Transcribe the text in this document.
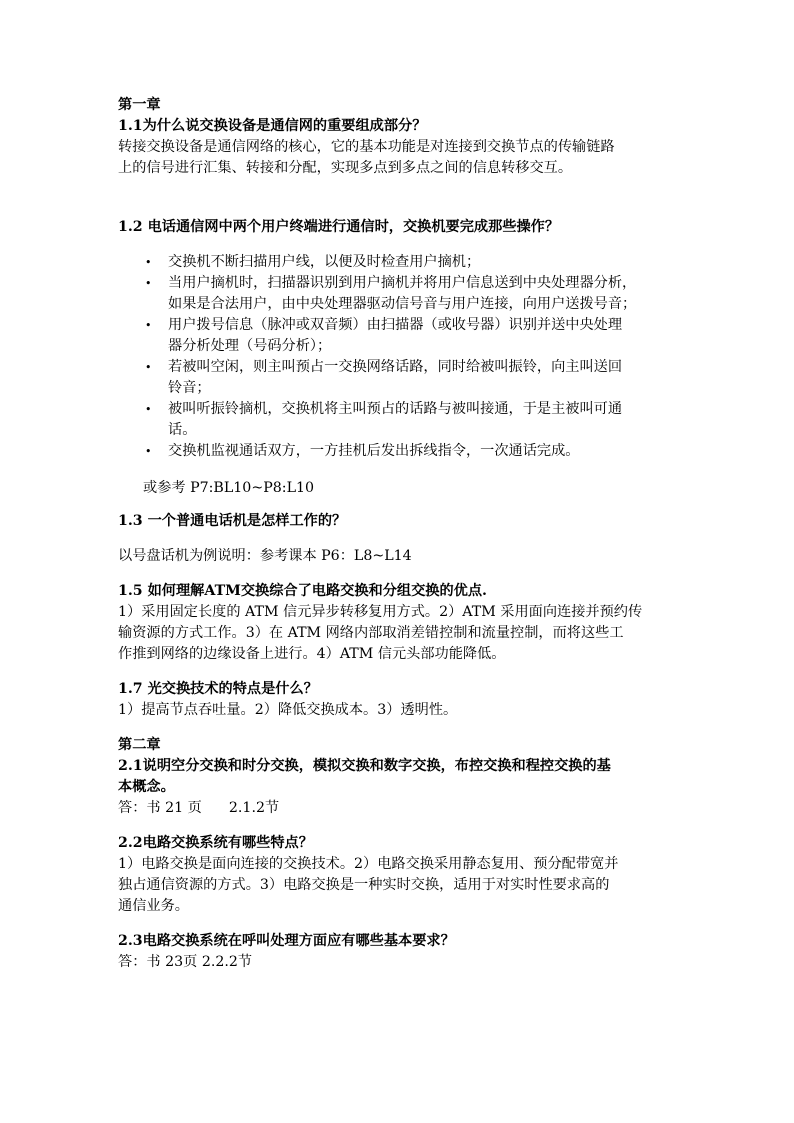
第一章

1.1为什么说交换设备是通信网的重要组成部分？

转接交换设备是通信网络的核心，它的基本功能是对连接到交换节点的传输链路

上的信号进行汇集、转接和分配，实现多点到多点之间的信息转移交互。

1.2 电话通信网中两个用户终端进行通信时，交换机要完成那些操作？

• 交换机不断扫描用户线，以便及时检查用户摘机；
• 当用户摘机时，扫描器识别到用户摘机并将用户信息送到中央处理器分析，
如果是合法用户，由中央处理器驱动信号音与用户连接，向用户送拨号音；
• 用户拨号信息（脉冲或双音频）由扫描器（或收号器）识别并送中央处理
器分析处理（号码分析）；
• 若被叫空闲，则主叫预占一交换网络话路，同时给被叫振铃，向主叫送回
铃音；
• 被叫听振铃摘机，交换机将主叫预占的话路与被叫接通，于是主被叫可通
话。
• 交换机监视通话双方，一方挂机后发出拆线指令，一次通话完成。

或参考 P7:BL10~P8:L10

1.3 一个普通电话机是怎样工作的？

以号盘话机为例说明：参考课本 P6：L8~L14

1.5 如何理解ATM交换综合了电路交换和分组交换的优点.

1）采用固定长度的 ATM 信元异步转移复用方式。2）ATM 采用面向连接并预约传

输资源的方式工作。3）在 ATM 网络内部取消差错控制和流量控制，而将这些工

作推到网络的边缘设备上进行。4）ATM 信元头部功能降低。

1.7 光交换技术的特点是什么？

1）提高节点吞吐量。2）降低交换成本。3）透明性。

第二章

2.1说明空分交换和时分交换，模拟交换和数字交换，布控交换和程控交换的基

本概念。

答：书 21 页      2.1.2节

2.2电路交换系统有哪些特点？

1）电路交换是面向连接的交换技术。2）电路交换采用静态复用、预分配带宽并

独占通信资源的方式。3）电路交换是一种实时交换，适用于对实时性要求高的

通信业务。

2.3电路交换系统在呼叫处理方面应有哪些基本要求？

答：书 23页 2.2.2节
